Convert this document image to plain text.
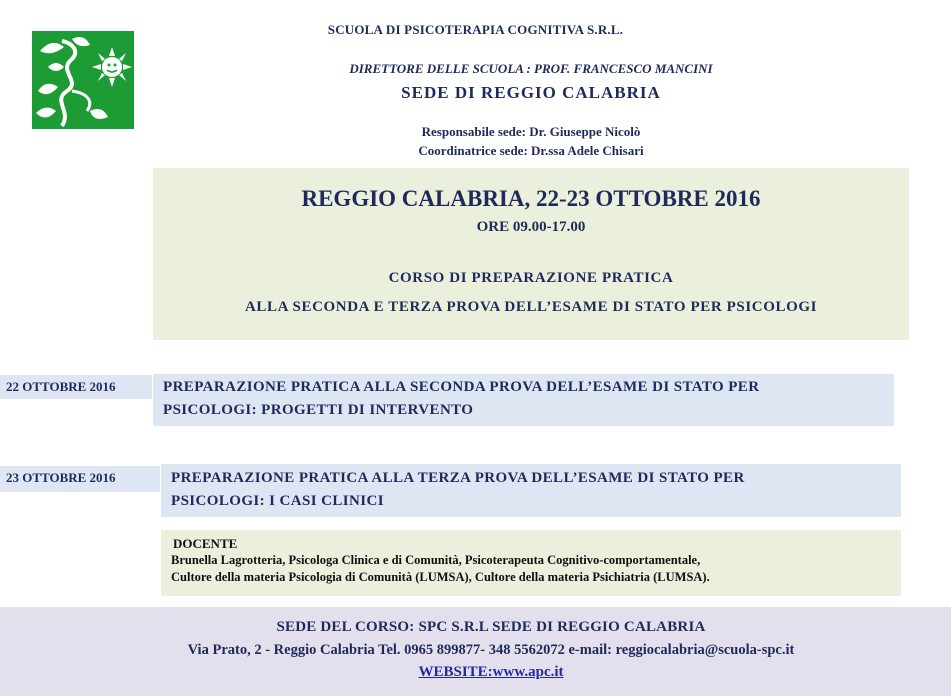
SCUOLA DI PSICOTERAPIA COGNITIVA S.R.L.
DIRETTORE DELLE SCUOLA : PROF. FRANCESCO MANCINI
SEDE DI REGGIO CALABRIA
Responsabile sede: Dr. Giuseppe Nicolò
Coordinatrice sede: Dr.ssa Adele Chisari
REGGIO CALABRIA, 22-23 OTTOBRE 2016
ORE 09.00-17.00
CORSO DI PREPARAZIONE PRATICA
ALLA SECONDA E TERZA PROVA DELL’ESAME DI STATO PER PSICOLOGI
22 OTTOBRE 2016	PREPARAZIONE PRATICA ALLA SECONDA PROVA DELL’ESAME DI STATO PER
PSICOLOGI: PROGETTI DI INTERVENTO
23 OTTOBRE 2016	PREPARAZIONE PRATICA ALLA TERZA PROVA DELL’ESAME DI STATO PER
PSICOLOGI: I CASI CLINICI
DOCENTE
Brunella Lagrotteria, Psicologa Clinica e di Comunità, Psicoterapeuta Cognitivo-comportamentale,
Cultore della materia Psicologia di Comunità (LUMSA), Cultore della materia Psichiatria (LUMSA).
SEDE DEL CORSO: SPC S.R.L SEDE DI REGGIO CALABRIA
Via Prato, 2 - Reggio Calabria Tel. 0965 899877- 348 5562072 e-mail: reggiocalabria@scuola-spc.it
WEBSITE:www.apc.it
